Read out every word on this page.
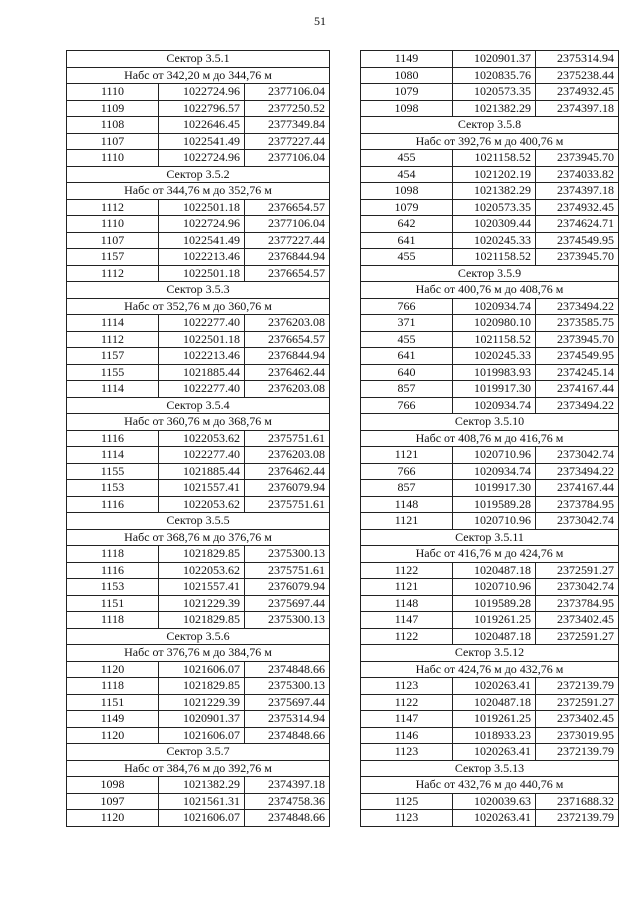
51
Сектор 3.5.1		
Набс от 342,20 м до 344,76 м		
1110	1022724.96	2377106.04
1109	1022796.57	2377250.52
1108	1022646.45	2377349.84
1107	1022541.49	2377227.44
1110	1022724.96	2377106.04
Сектор 3.5.2		
Набс от 344,76 м до 352,76 м		
1112	1022501.18	2376654.57
1110	1022724.96	2377106.04
1107	1022541.49	2377227.44
1157	1022213.46	2376844.94
1112	1022501.18	2376654.57
Сектор 3.5.3		
Набс от 352,76 м до 360,76 м		
1114	1022277.40	2376203.08
1112	1022501.18	2376654.57
1157	1022213.46	2376844.94
1155	1021885.44	2376462.44
1114	1022277.40	2376203.08
Сектор 3.5.4		
Набс от 360,76 м до 368,76 м		
1116	1022053.62	2375751.61
1114	1022277.40	2376203.08
1155	1021885.44	2376462.44
1153	1021557.41	2376079.94
1116	1022053.62	2375751.61
Сектор 3.5.5		
Набс от 368,76 м до 376,76 м		
1118	1021829.85	2375300.13
1116	1022053.62	2375751.61
1153	1021557.41	2376079.94
1151	1021229.39	2375697.44
1118	1021829.85	2375300.13
Сектор 3.5.6		
Набс от 376,76 м до 384,76 м		
1120	1021606.07	2374848.66
1118	1021829.85	2375300.13
1151	1021229.39	2375697.44
1149	1020901.37	2375314.94
1120	1021606.07	2374848.66
Сектор 3.5.7		
Набс от 384,76 м до 392,76 м		
1098	1021382.29	2374397.18
1097	1021561.31	2374758.36
1120	1021606.07	2374848.66
1149	1020901.37	2375314.94
1080	1020835.76	2375238.44
1079	1020573.35	2374932.45
1098	1021382.29	2374397.18
Сектор 3.5.8		
Набс от 392,76 м до 400,76 м		
455	1021158.52	2373945.70
454	1021202.19	2374033.82
1098	1021382.29	2374397.18
1079	1020573.35	2374932.45
642	1020309.44	2374624.71
641	1020245.33	2374549.95
455	1021158.52	2373945.70
Сектор 3.5.9		
Набс от 400,76 м до 408,76 м		
766	1020934.74	2373494.22
371	1020980.10	2373585.75
455	1021158.52	2373945.70
641	1020245.33	2374549.95
640	1019983.93	2374245.14
857	1019917.30	2374167.44
766	1020934.74	2373494.22
Сектор 3.5.10		
Набс от 408,76 м до 416,76 м		
1121	1020710.96	2373042.74
766	1020934.74	2373494.22
857	1019917.30	2374167.44
1148	1019589.28	2373784.95
1121	1020710.96	2373042.74
Сектор 3.5.11		
Набс от 416,76 м до 424,76 м		
1122	1020487.18	2372591.27
1121	1020710.96	2373042.74
1148	1019589.28	2373784.95
1147	1019261.25	2373402.45
1122	1020487.18	2372591.27
Сектор 3.5.12		
Набс от 424,76 м до 432,76 м		
1123	1020263.41	2372139.79
1122	1020487.18	2372591.27
1147	1019261.25	2373402.45
1146	1018933.23	2373019.95
1123	1020263.41	2372139.79
Сектор 3.5.13		
Набс от 432,76 м до 440,76 м		
1125	1020039.63	2371688.32
1123	1020263.41	2372139.79
